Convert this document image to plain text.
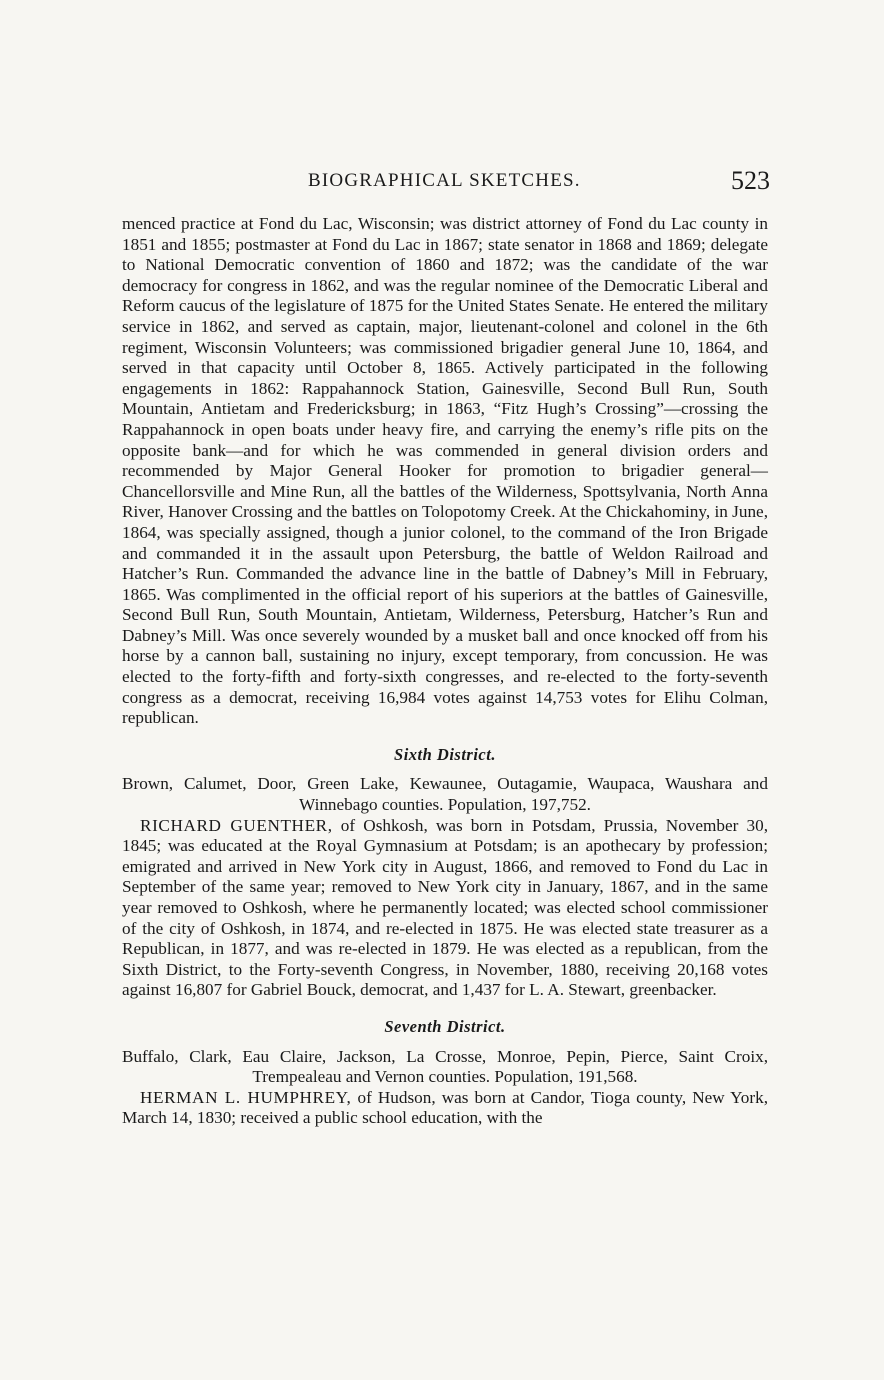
BIOGRAPHICAL SKETCHES.	523

menced practice at Fond du Lac, Wisconsin; was district attorney of Fond du Lac county in 1851 and 1855; postmaster at Fond du Lac in 1867; state senator in 1868 and 1869; delegate to National Democratic convention of 1860 and 1872; was the candidate of the war democracy for congress in 1862, and was the regular nominee of the Democratic Liberal and Reform caucus of the legislature of 1875 for the United States Senate. He entered the military service in 1862, and served as captain, major, lieutenant-colonel and colonel in the 6th regiment, Wisconsin Volunteers; was commissioned brigadier general June 10, 1864, and served in that capacity until October 8, 1865. Actively participated in the following engagements in 1862: Rappahannock Station, Gainesville, Second Bull Run, South Mountain, Antietam and Fredericksburg; in 1863, “Fitz Hugh’s Crossing”—crossing the Rappahannock in open boats under heavy fire, and carrying the enemy’s rifle pits on the opposite bank—and for which he was commended in general division orders and recommended by Major General Hooker for promotion to brigadier general—Chancellorsville and Mine Run, all the battles of the Wilderness, Spottsylvania, North Anna River, Hanover Crossing and the battles on Tolopotomy Creek. At the Chickahominy, in June, 1864, was specially assigned, though a junior colonel, to the command of the Iron Brigade and commanded it in the assault upon Petersburg, the battle of Weldon Railroad and Hatcher’s Run. Commanded the advance line in the battle of Dabney’s Mill in February, 1865. Was complimented in the official report of his superiors at the battles of Gainesville, Second Bull Run, South Mountain, Antietam, Wilderness, Petersburg, Hatcher’s Run and Dabney’s Mill. Was once severely wounded by a musket ball and once knocked off from his horse by a cannon ball, sustaining no injury, except temporary, from concussion. He was elected to the forty-fifth and forty-sixth congresses, and re-elected to the forty-seventh congress as a democrat, receiving 16,984 votes against 14,753 votes for Elihu Colman, republican.

Sixth District.

Brown, Calumet, Door, Green Lake, Kewaunee, Outagamie, Waupaca, Waushara and Winnebago counties. Population, 197,752.

RICHARD GUENTHER, of Oshkosh, was born in Potsdam, Prussia, November 30, 1845; was educated at the Royal Gymnasium at Potsdam; is an apothecary by profession; emigrated and arrived in New York city in August, 1866, and removed to Fond du Lac in September of the same year; removed to New York city in January, 1867, and in the same year removed to Oshkosh, where he permanently located; was elected school commissioner of the city of Oshkosh, in 1874, and re-elected in 1875. He was elected state treasurer as a Republican, in 1877, and was re-elected in 1879. He was elected as a republican, from the Sixth District, to the Forty-seventh Congress, in November, 1880, receiving 20,168 votes against 16,807 for Gabriel Bouck, democrat, and 1,437 for L. A. Stewart, greenbacker.

Seventh District.

Buffalo, Clark, Eau Claire, Jackson, La Crosse, Monroe, Pepin, Pierce, Saint Croix, Trempealeau and Vernon counties. Population, 191,568.

HERMAN L. HUMPHREY, of Hudson, was born at Candor, Tioga county, New York, March 14, 1830; received a public school education, with the
